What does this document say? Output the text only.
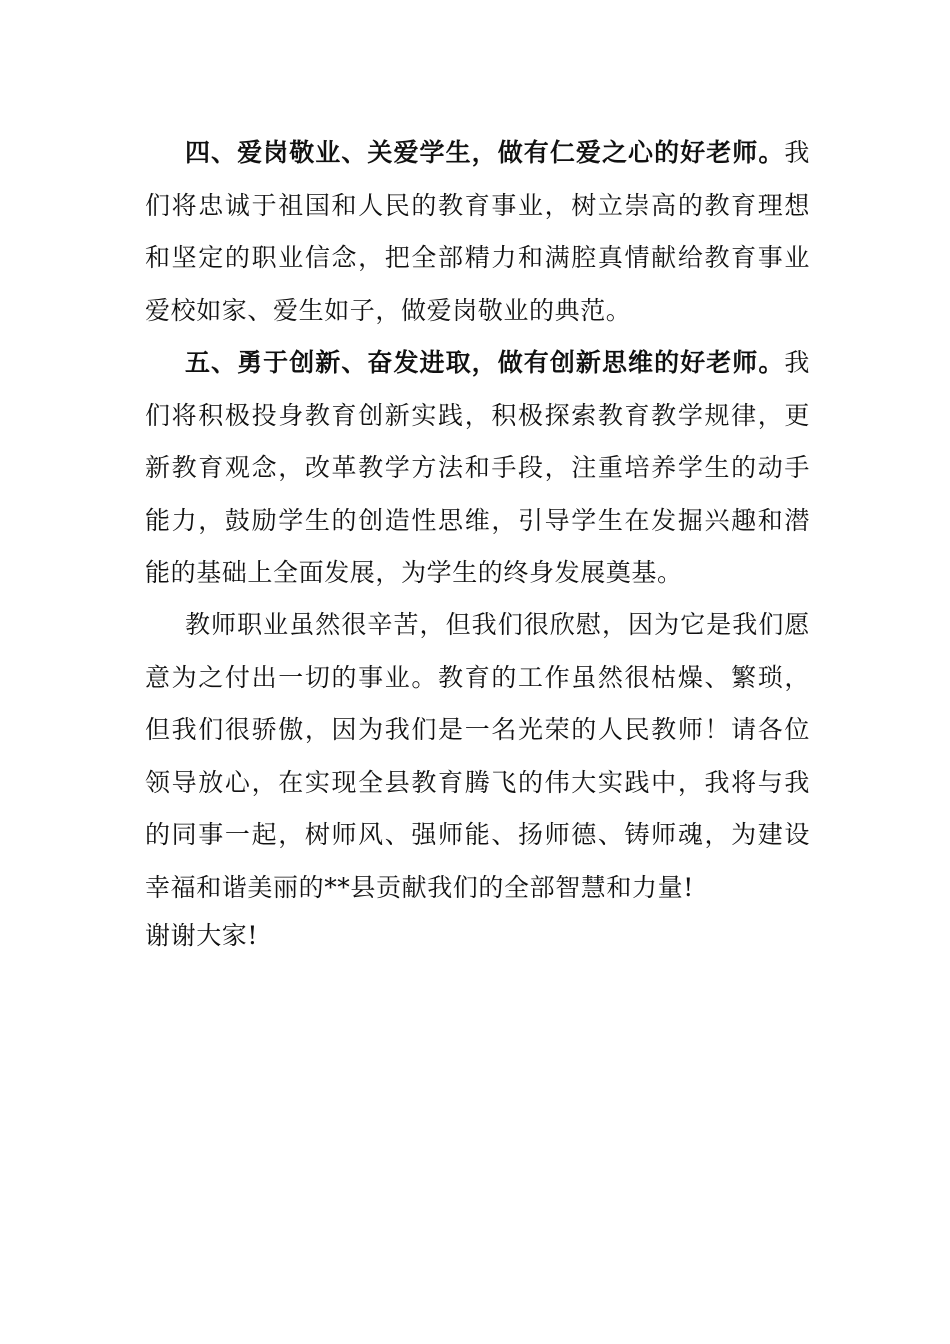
四、爱岗敬业、关爱学生，做有仁爱之心的好老师。我们将忠诚于祖国和人民的教育事业，树立崇高的教育理想和坚定的职业信念，把全部精力和满腔真情献给教育事业爱校如家、爱生如子，做爱岗敬业的典范。

五、勇于创新、奋发进取，做有创新思维的好老师。我们将积极投身教育创新实践，积极探索教育教学规律，更新教育观念，改革教学方法和手段，注重培养学生的动手能力，鼓励学生的创造性思维，引导学生在发掘兴趣和潜能的基础上全面发展，为学生的终身发展奠基。

教师职业虽然很辛苦，但我们很欣慰，因为它是我们愿意为之付出一切的事业。教育的工作虽然很枯燥、繁琐，但我们很骄傲，因为我们是一名光荣的人民教师！请各位领导放心，在实现全县教育腾飞的伟大实践中，我将与我的同事一起，树师风、强师能、扬师德、铸师魂，为建设幸福和谐美丽的**县贡献我们的全部智慧和力量!

谢谢大家!
